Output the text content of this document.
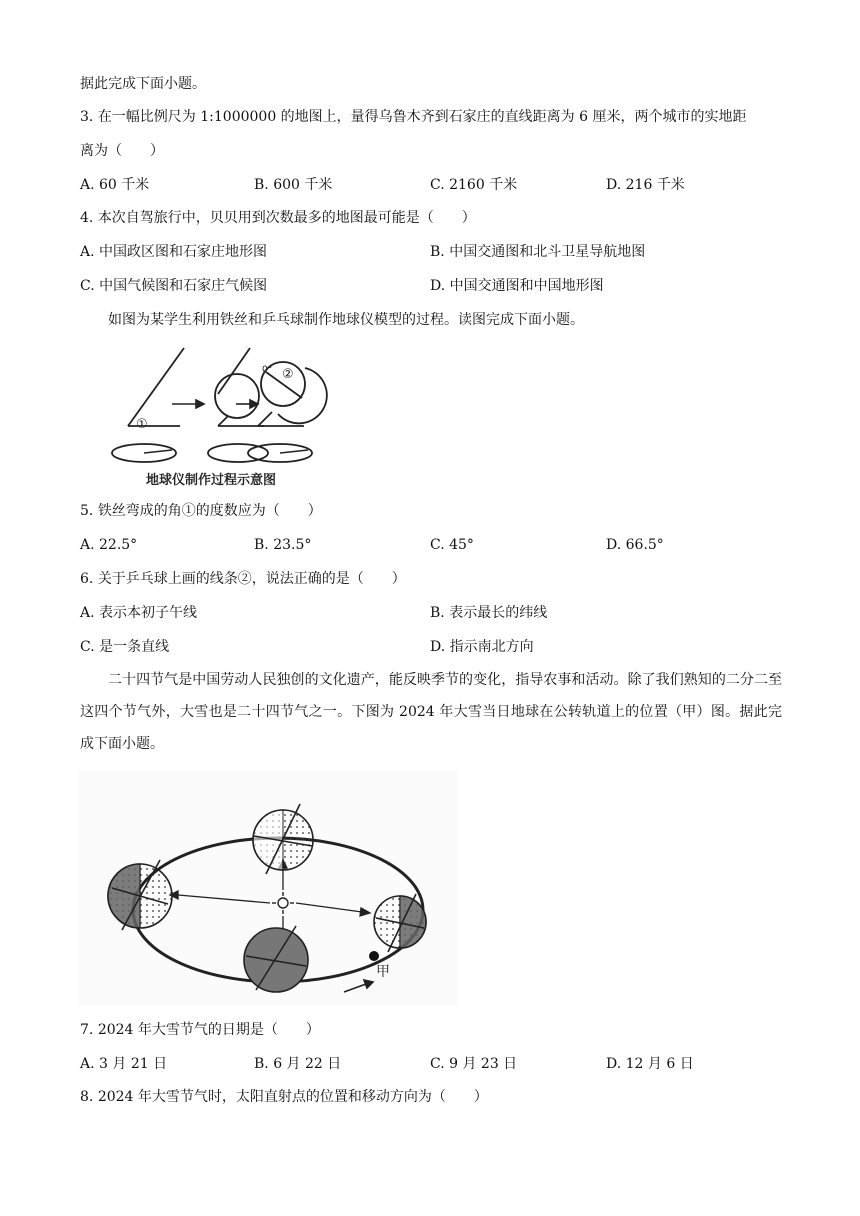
据此完成下面小题。
3. 在一幅比例尺为 1:1000000 的地图上，量得乌鲁木齐到石家庄的直线距离为 6 厘米，两个城市的实地距
离为（　　）
A. 60 千米	B. 600 千米	C. 2160 千米	D. 216 千米
4. 本次自驾旅行中，贝贝用到次数最多的地图最可能是（　　）
A. 中国政区图和石家庄地形图	B. 中国交通图和北斗卫星导航地图
C. 中国气候图和石家庄气候图	D. 中国交通图和中国地形图
如图为某学生利用铁丝和乒乓球制作地球仪模型的过程。读图完成下面小题。
①
②
0°
地球仪制作过程示意图
5. 铁丝弯成的角①的度数应为（　　）
A. 22.5°	B. 23.5°	C. 45°	D. 66.5°
6. 关于乒乓球上画的线条②，说法正确的是（　　）
A. 表示本初子午线	B. 表示最长的纬线
C. 是一条直线	D. 指示南北方向
二十四节气是中国劳动人民独创的文化遗产，能反映季节的变化，指导农事和活动。除了我们熟知的二分二至这四个节气外，大雪也是二十四节气之一。下图为 2024 年大雪当日地球在公转轨道上的位置（甲）图。据此完成下面小题。
甲
7. 2024 年大雪节气的日期是（　　）
A. 3 月 21 日	B. 6 月 22 日	C. 9 月 23 日	D. 12 月 6 日
8. 2024 年大雪节气时，太阳直射点的位置和移动方向为（　　）
